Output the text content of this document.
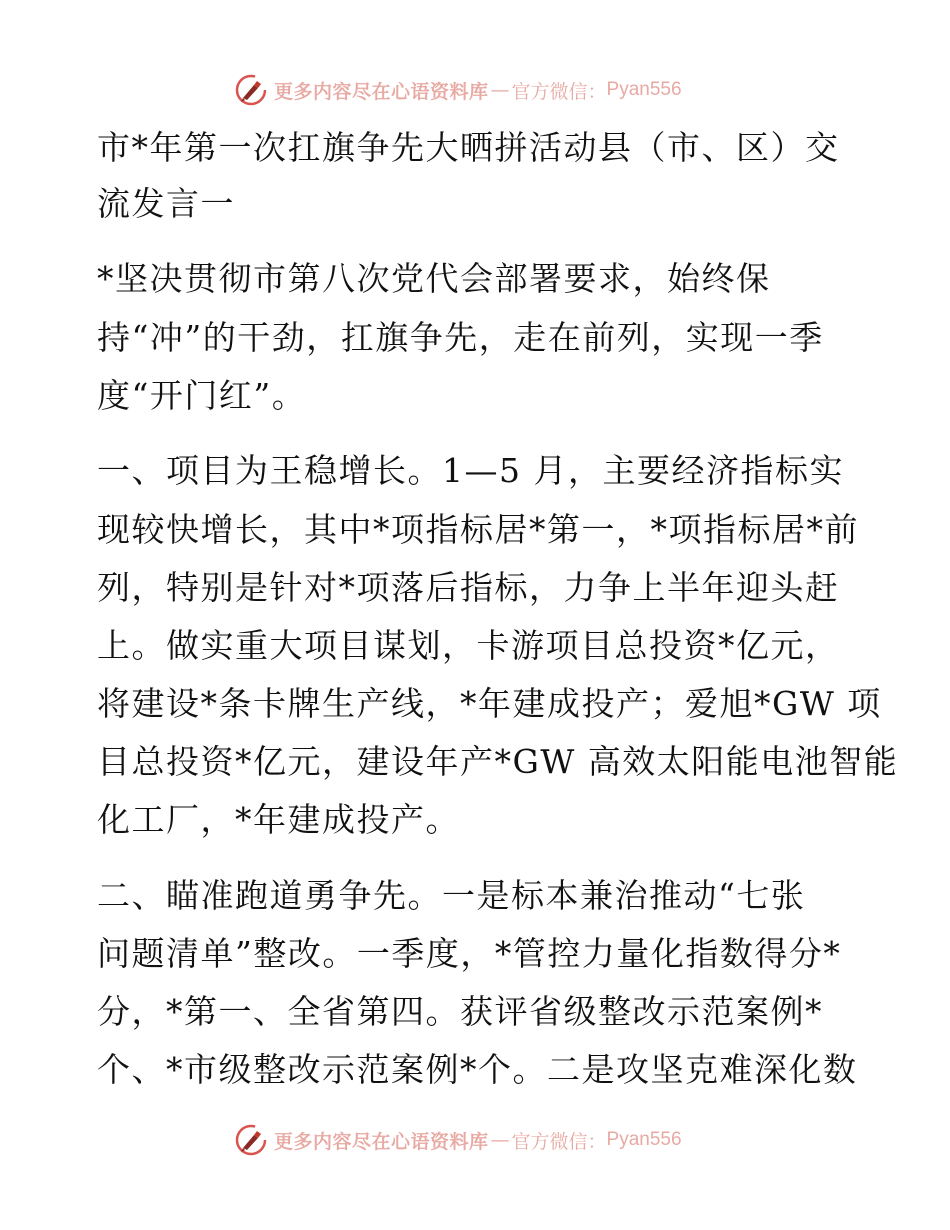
更多内容尽在心语资料库 — 官方微信： Pyan556
市*年第一次扛旗争先大晒拼活动县（市、区）交
流发言一
*坚决贯彻市第八次党代会部署要求，始终保
持“冲”的干劲，扛旗争先，走在前列，实现一季
度“开门红”。
一、项目为王稳增长。1—5 月，主要经济指标实
现较快增长，其中*项指标居*第一，*项指标居*前
列，特别是针对*项落后指标，力争上半年迎头赶
上。做实重大项目谋划，卡游项目总投资*亿元，
将建设*条卡牌生产线，*年建成投产；爱旭*GW 项
目总投资*亿元，建设年产*GW 高效太阳能电池智能
化工厂，*年建成投产。
二、瞄准跑道勇争先。一是标本兼治推动“七张
问题清单”整改。一季度，*管控力量化指数得分*
分，*第一、全省第四。获评省级整改示范案例*
个、*市级整改示范案例*个。二是攻坚克难深化数
更多内容尽在心语资料库 — 官方微信： Pyan556
